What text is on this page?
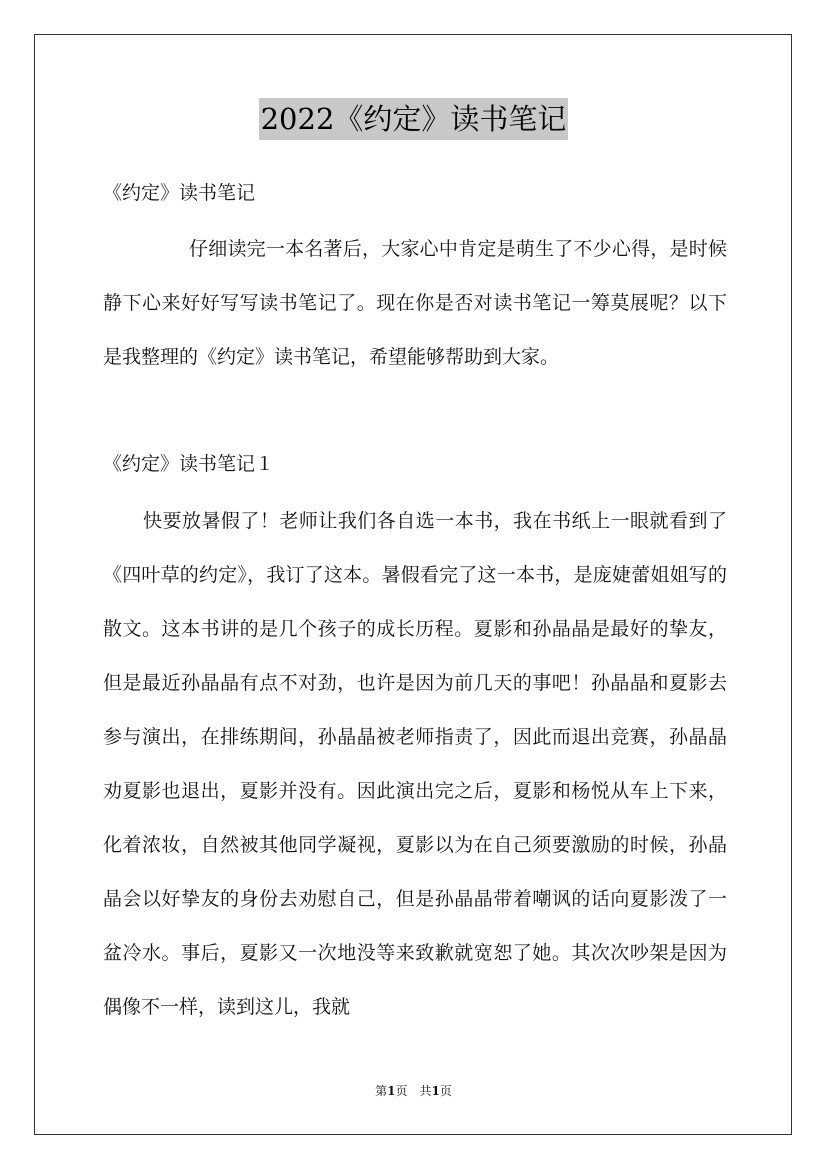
2022《约定》读书笔记
《约定》读书笔记

仔细读完一本名著后，大家心中肯定是萌生了不少心得，是时候静下心来好好写写读书笔记了。现在你是否对读书笔记一筹莫展呢？以下是我整理的《约定》读书笔记，希望能够帮助到大家。

《约定》读书笔记１

快要放暑假了！老师让我们各自选一本书，我在书纸上一眼就看到了《四叶草的约定》，我订了这本。暑假看完了这一本书，是庞婕蕾姐姐写的散文。这本书讲的是几个孩子的成长历程。夏影和孙晶晶是最好的挚友，但是最近孙晶晶有点不对劲，也许是因为前几天的事吧！孙晶晶和夏影去参与演出，在排练期间，孙晶晶被老师指责了，因此而退出竞赛，孙晶晶劝夏影也退出，夏影并没有。因此演出完之后，夏影和杨悦从车上下来，化着浓妆，自然被其他同学凝视，夏影以为在自己须要激励的时候，孙晶晶会以好挚友的身份去劝慰自己，但是孙晶晶带着嘲讽的话向夏影泼了一盆冷水。事后，夏影又一次地没等来致歉就宽恕了她。其次次吵架是因为偶像不一样，读到这儿，我就

第1页　共1页
